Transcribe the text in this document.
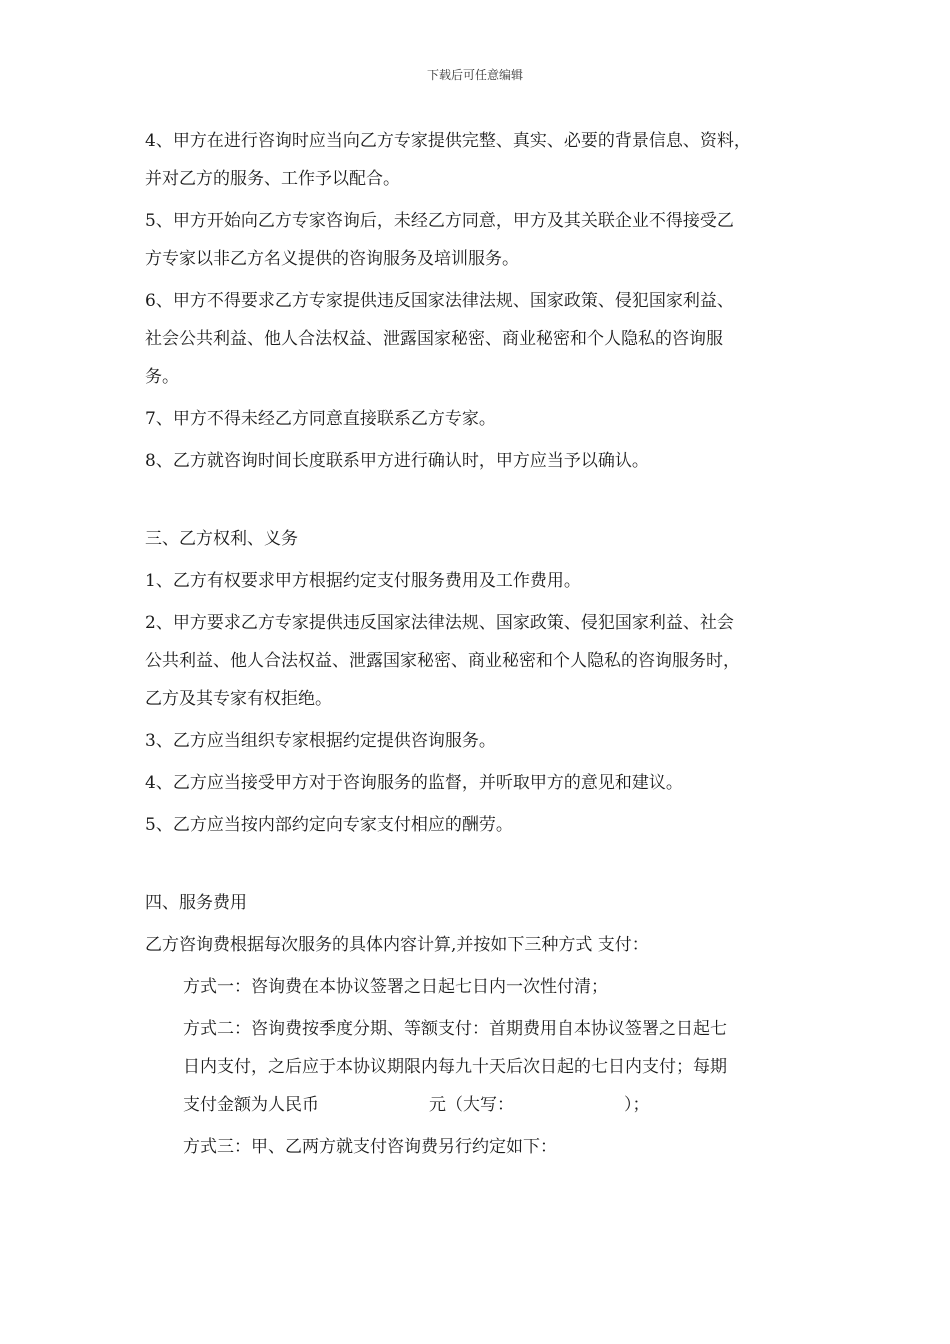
下载后可任意编辑
4、甲方在进行咨询时应当向乙方专家提供完整、真实、必要的背景信息、资料，
并对乙方的服务、工作予以配合。
5、甲方开始向乙方专家咨询后，未经乙方同意，甲方及其关联企业不得接受乙
方专家以非乙方名义提供的咨询服务及培训服务。
6、甲方不得要求乙方专家提供违反国家法律法规、国家政策、侵犯国家利益、
社会公共利益、他人合法权益、泄露国家秘密、商业秘密和个人隐私的咨询服
务。
7、甲方不得未经乙方同意直接联系乙方专家。
8、乙方就咨询时间长度联系甲方进行确认时，甲方应当予以确认。
三、乙方权利、义务
1、乙方有权要求甲方根据约定支付服务费用及工作费用。
2、甲方要求乙方专家提供违反国家法律法规、国家政策、侵犯国家利益、社会
公共利益、他人合法权益、泄露国家秘密、商业秘密和个人隐私的咨询服务时，
乙方及其专家有权拒绝。
3、乙方应当组织专家根据约定提供咨询服务。
4、乙方应当接受甲方对于咨询服务的监督，并听取甲方的意见和建议。
5、乙方应当按内部约定向专家支付相应的酬劳。
四、服务费用
乙方咨询费根据每次服务的具体内容计算,并按如下三种方式 支付：
方式一：咨询费在本协议签署之日起七日内一次性付清；
方式二：咨询费按季度分期、等额支付：首期费用自本协议签署之日起七
日内支付，之后应于本协议期限内每九十天后次日起的七日内支付；每期
支付金额为人民币	元（大写：	）；
方式三：甲、乙两方就支付咨询费另行约定如下：
